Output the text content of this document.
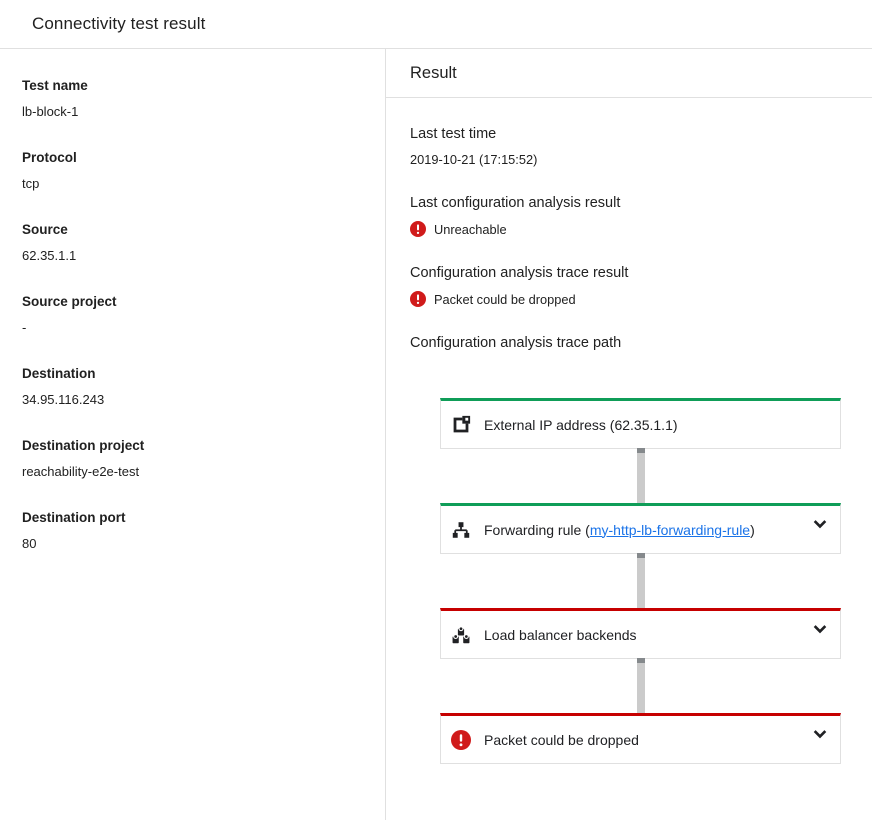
Connectivity test result
Test name
lb-block-1
Protocol
tcp
Source
62.35.1.1
Source project
-
Destination
34.95.116.243
Destination project
reachability-e2e-test
Destination port
80
Result
Last test time
2019-10-21 (17:15:52)
Last configuration analysis result
Unreachable
Configuration analysis trace result
Packet could be dropped
Configuration analysis trace path
External IP address (62.35.1.1)
Forwarding rule (my-http-lb-forwarding-rule)
Load balancer backends
Packet could be dropped
